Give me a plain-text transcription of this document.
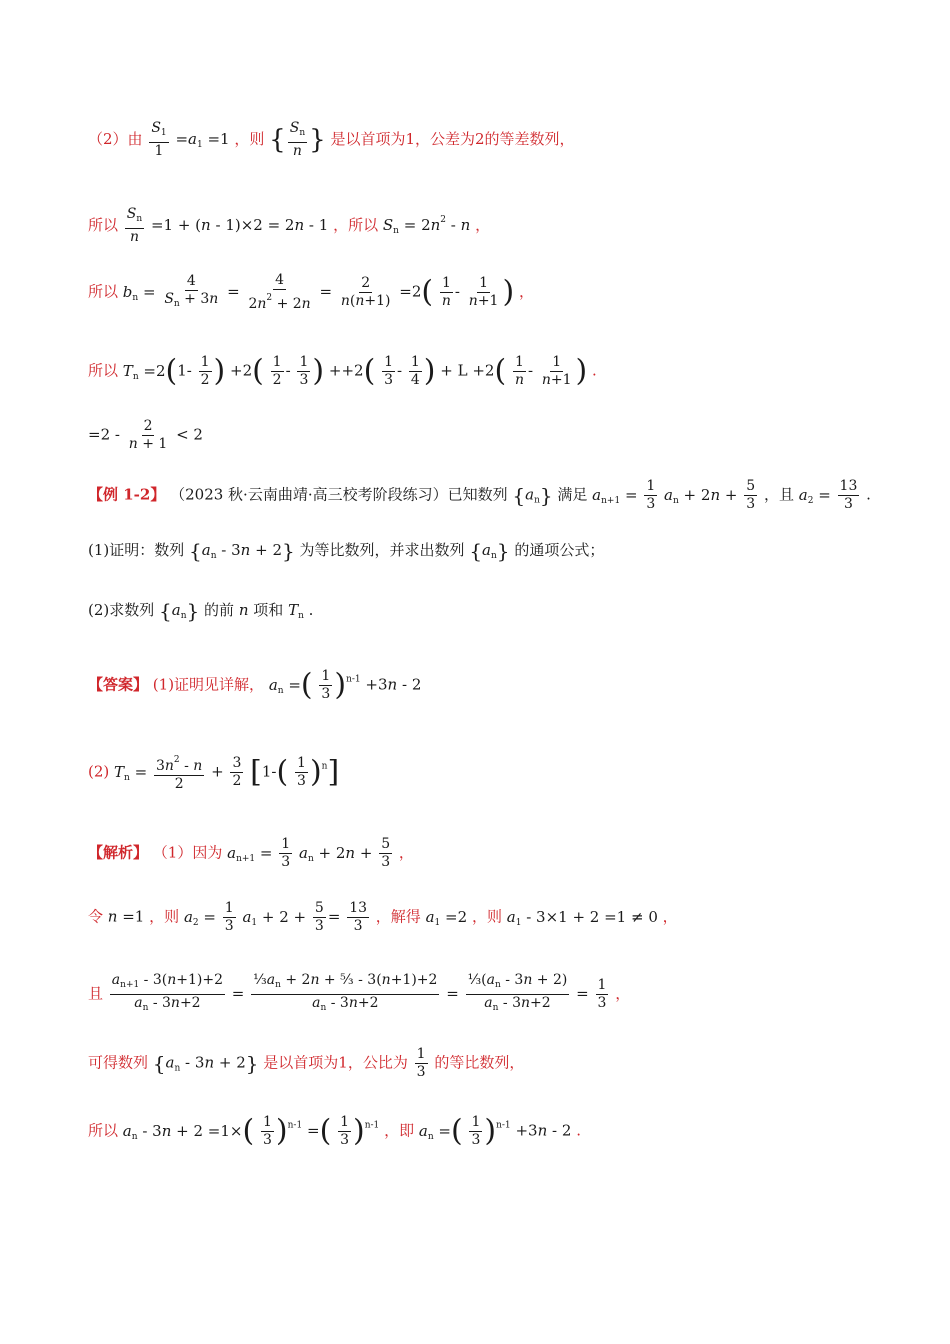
（2）由 $\frac{S_1}{1} =a_1 =1$ ，则 { $\frac{S_n}{n}$ } 是以首项为1，公差为2的等差数列，
所以 $\frac{S_n}{n} =1 + (n - 1)\times 2 = 2n - 1$ ，所以 $S_n = 2n^2 - n$ ，
所以 $b_n = \frac{4}{S_n + 3n} = \frac{4}{2n^2 + 2n} = \frac{2}{n(n+1)} =2( \frac{1}{n} - \frac{1}{n+1}$ ) ，
所以 $T_n =2(1- \frac{1}{2}$ ) $+2( \frac{1}{2} - \frac{1}{3}$ ) $++2( \frac{1}{3} - \frac{1}{4}$ ) + $L +2( \frac{1}{n} - \frac{1}{n+1}$ ) .
$=2 - \frac{2}{n + 1} < 2$
【例 1-2】 （2023 秋·云南曲靖·高三校考阶段练习）已知数列 $\{a_n\}$ 满足 $a_{n+1} = \frac{1}{3} a_n + 2n + \frac{5}{3}$ ，且 $a_2 = \frac{13}{3}$ .
(1)证明：数列 $\{a_n - 3n + 2\}$ 为等比数列，并求出数列 $\{a_n\}$ 的通项公式；
(2)求数列 $\{a_n\}$ 的前 n 项和 $T_n$ .
【答案】 (1)证明见详解， $a_n$ =( $\frac{1}{3} )^{n-1} +3n - 2$
(2) $T_n = \frac{3n^2 - n}{2} + \frac{3}{2} [1-( \frac{1}{3} )^n]$
【解析】 （1）因为 $a_{n+1} = \frac{1}{3} a_n + 2n + \frac{5}{3}$ ，
令 n =1 ，则 $a_2 = \frac{1}{3} a_1 + 2 + \frac{5}{3} = \frac{13}{3}$ ，解得 $a_1 =2$ ，则 $a_1 - 3\times 1 + 2 =1 \ne 0$ ，
且 $\frac{a_{n+1} - 3(n+1)+2}{a_n - 3n+2} = \frac{\frac{1}{3}a_n + 2n + ^5⁄_3 - 3(n+1)+2}{a_n - 3n+2} = \frac{\frac{1}{3}(a_n - 3n + 2)}{a_n - 3n+2} = \frac{1}{3}$ ，
可得数列 $\{a_n - 3n + 2\}$ 是以首项为1，公比为 $\frac{1}{3}$ 的等比数列，
所以 $a_n - 3n + 2 =1\times( \frac{1}{3} )^{n-1}$ =( $\frac{1}{3} )^{n-1}$ ，即 $a_n$ =( $\frac{1}{3} )^{n-1} +3n - 2$ .
